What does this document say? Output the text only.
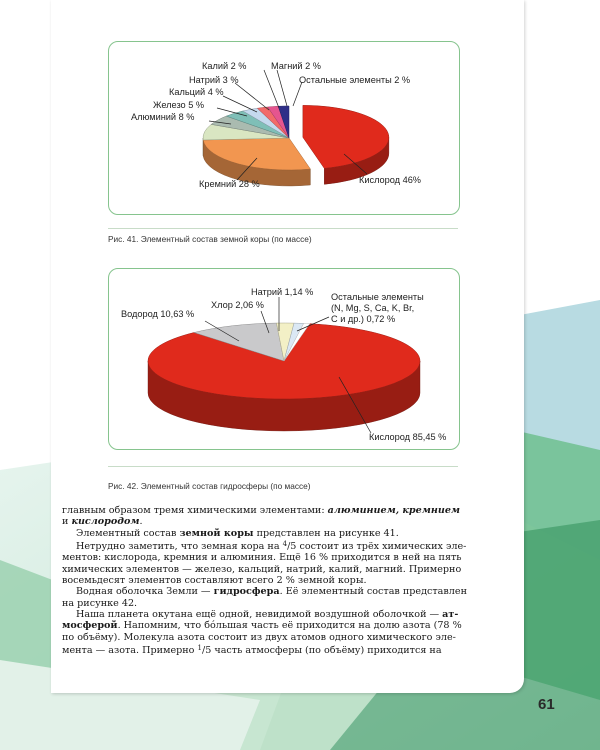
Калий 2 %	Магний 2 %
Натрий 3 %	Остальные элементы 2 %
Кальций 4 %
Железо 5 %
Алюминий 8 %
Кремний 28 %	Кислород 46%
Рис. 41. Элементный состав земной коры (по массе)
Натрий 1,14 %
Хлор 2,06 %
Водород 10,63 %
Остальные элементы
(N, Mg, S, Ca, K, Br,
C и др.) 0,72 %
Кислород 85,45 %
Рис. 42. Элементный состав гидросферы (по массе)

главным образом тремя химическими элементами: алюминием, кремнием
и кислородом.

Элементный состав земной коры представлен на рисунке 41.

Нетрудно заметить, что земная кора на $^4$/5 состоит из трёх химических эле-
ментов: кислорода, кремния и алюминия. Ещё 16 % приходится в ней на пять
химических элементов — железо, кальций, натрий, калий, магний. Примерно
восемьдесят элементов составляют всего 2 % земной коры.

Водная оболочка Земли — гидросфера. Её элементный состав представлен
на рисунке 42.

Наша планета окутана ещё одной, невидимой воздушной оболочкой — ат-
мосферой. Напомним, что бо́льшая часть её приходится на долю азота (78 %
по объёму). Молекула азота состоит из двух атомов одного химического эле-
мента — азота. Примерно $^1$/5 часть атмосферы (по объёму) приходится на

61
